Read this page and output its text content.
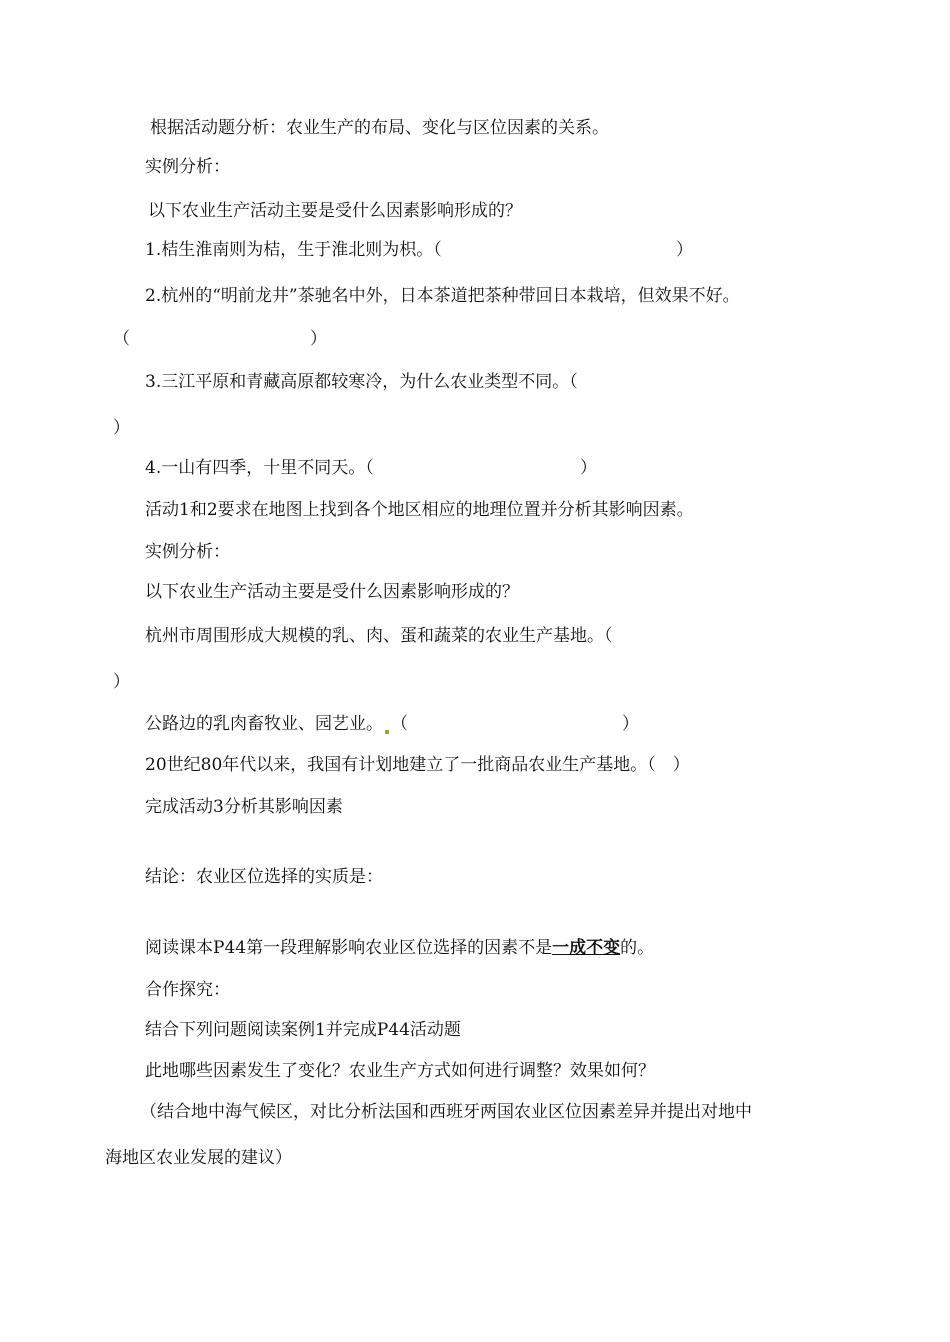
根据活动题分析：农业生产的布局、变化与区位因素的关系。
实例分析：
以下农业生产活动主要是受什么因素影响形成的？
1.桔生淮南则为桔，生于淮北则为枳。（	）
2.杭州的“明前龙井”茶驰名中外，日本茶道把茶种带回日本栽培，但效果不好。
（	）
3.三江平原和青藏高原都较寒冷，为什么农业类型不同。（
）
4.一山有四季，十里不同天。（	）
活动1和2要求在地图上找到各个地区相应的地理位置并分析其影响因素。
实例分析：
以下农业生产活动主要是受什么因素影响形成的？
杭州市周围形成大规模的乳、肉、蛋和蔬菜的农业生产基地。（
）
公路边的乳肉畜牧业、园艺业。 （	）
20世纪80年代以来，我国有计划地建立了一批商品农业生产基地。（　）
完成活动3分析其影响因素
结论：农业区位选择的实质是：
阅读课本P44第一段理解影响农业区位选择的因素不是一成不变的。
合作探究：
结合下列问题阅读案例1并完成P44活动题
此地哪些因素发生了变化？农业生产方式如何进行调整？效果如何？
（结合地中海气候区，对比分析法国和西班牙两国农业区位因素差异并提出对地中
海地区农业发展的建议）
